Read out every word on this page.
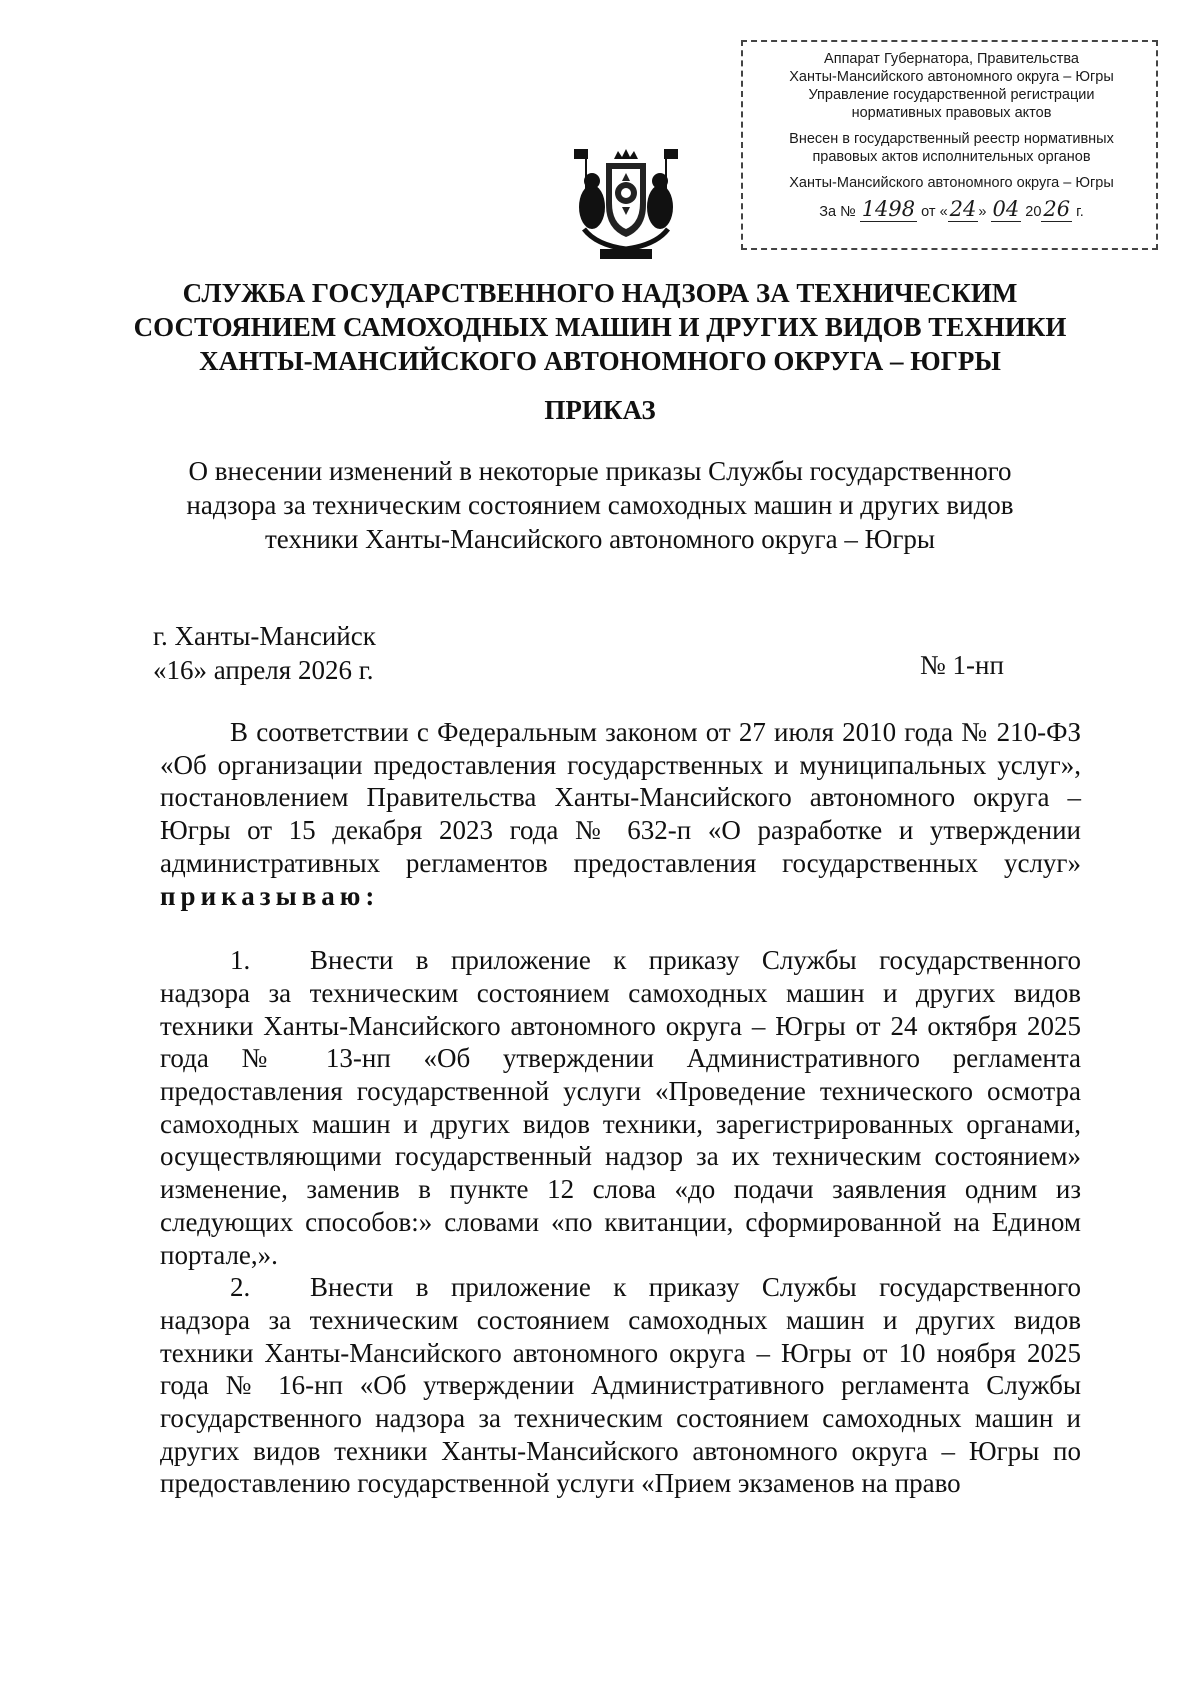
Аппарат Губернатора, Правительства
Ханты-Мансийского автономного округа – Югры
Управление государственной регистрации
нормативных правовых актов
Внесен в государственный реестр нормативных
правовых актов исполнительных органов
Ханты-Мансийского автономного округа – Югры
За № 1498 от «24 » 04 2026 г.
СЛУЖБА ГОСУДАРСТВЕННОГО НАДЗОРА ЗА ТЕХНИЧЕСКИМ
СОСТОЯНИЕМ САМОХОДНЫХ МАШИН И ДРУГИХ ВИДОВ ТЕХНИКИ
ХАНТЫ-МАНСИЙСКОГО АВТОНОМНОГО ОКРУГА – ЮГРЫ
ПРИКАЗ
О внесении изменений в некоторые приказы Службы государственного
надзора за техническим состоянием самоходных машин и других видов
техники Ханты-Мансийского автономного округа – Югры
г. Ханты-Мансийск
«16» апреля 2026 г.	№ 1-нп

В соответствии с Федеральным законом от 27 июля 2010 года № 210-ФЗ «Об организации предоставления государственных и муниципальных услуг», постановлением Правительства Ханты-Мансийского автономного округа – Югры от 15 декабря 2023 года № 632-п «О разработке и утверждении административных регламентов предоставления государственных услуг» приказываю:

1. Внести в приложение к приказу Службы государственного надзора за техническим состоянием самоходных машин и других видов техники Ханты-Мансийского автономного округа – Югры от 24 октября 2025 года № 13-нп «Об утверждении Административного регламента предоставления государственной услуги «Проведение технического осмотра самоходных машин и других видов техники, зарегистрированных органами, осуществляющими государственный надзор за их техническим состоянием» изменение, заменив в пункте 12 слова «до подачи заявления одним из следующих способов:» словами «по квитанции, сформированной на Едином портале,».

2. Внести в приложение к приказу Службы государственного надзора за техническим состоянием самоходных машин и других видов техники Ханты-Мансийского автономного округа – Югры от 10 ноября 2025 года № 16-нп «Об утверждении Административного регламента Службы государственного надзора за техническим состоянием самоходных машин и других видов техники Ханты-Мансийского автономного округа – Югры по предоставлению государственной услуги «Прием экзаменов на право
